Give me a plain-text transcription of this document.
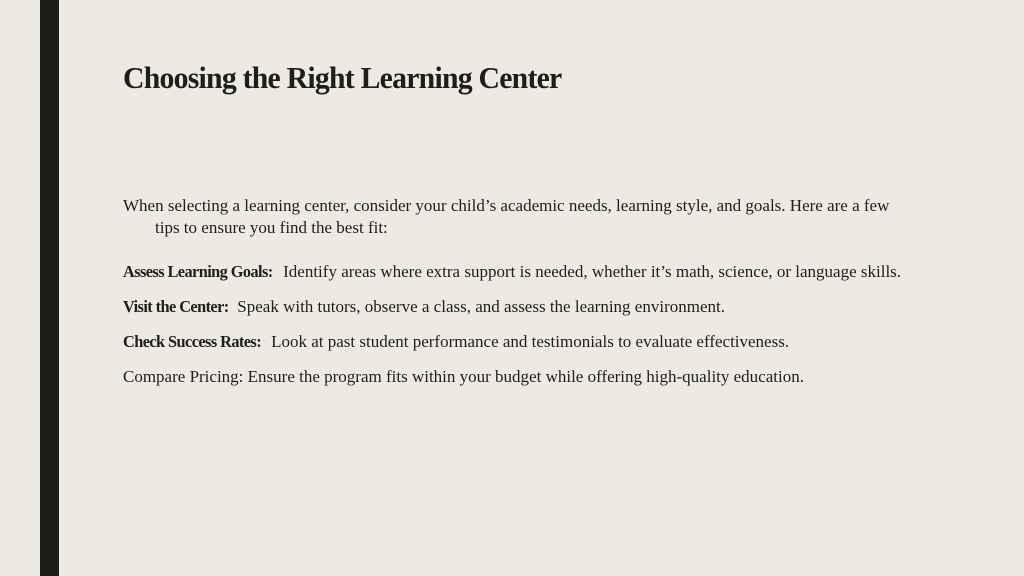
Choosing the Right Learning Center

When selecting a learning center, consider your child’s academic needs, learning style, and goals. Here are a few tips to ensure you find the best fit:

Assess Learning Goals: Identify areas where extra support is needed, whether it’s math, science, or language skills.

Visit the Center: Speak with tutors, observe a class, and assess the learning environment.

Check Success Rates: Look at past student performance and testimonials to evaluate effectiveness.

Compare Pricing: Ensure the program fits within your budget while offering high-quality education.
